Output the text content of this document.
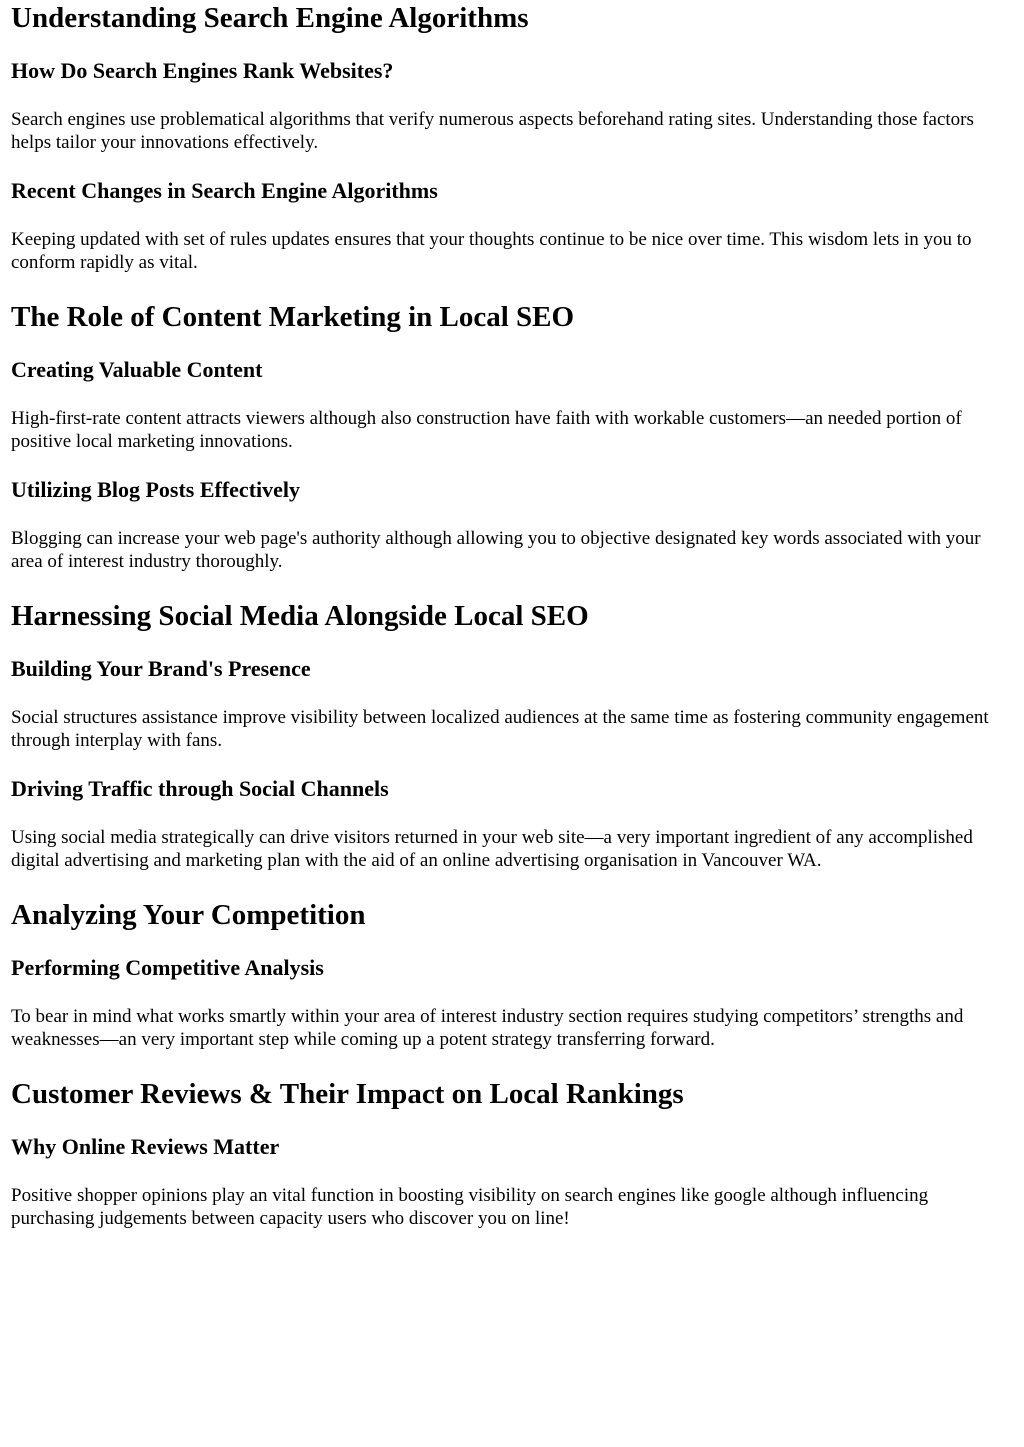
Understanding Search Engine Algorithms
How Do Search Engines Rank Websites?

Search engines use problematical algorithms that verify numerous aspects beforehand rating sites. Understanding those factors helps tailor your innovations effectively.

Recent Changes in Search Engine Algorithms

Keeping updated with set of rules updates ensures that your thoughts continue to be nice over time. This wisdom lets in you to conform rapidly as vital.

The Role of Content Marketing in Local SEO
Creating Valuable Content

High-first-rate content attracts viewers although also construction have faith with workable customers—an needed portion of positive local marketing innovations.

Utilizing Blog Posts Effectively

Blogging can increase your web page's authority although allowing you to objective designated key words associated with your area of interest industry thoroughly.

Harnessing Social Media Alongside Local SEO
Building Your Brand's Presence

Social structures assistance improve visibility between localized audiences at the same time as fostering community engagement through interplay with fans.

Driving Traffic through Social Channels

Using social media strategically can drive visitors returned in your web site—a very important ingredient of any accomplished digital advertising and marketing plan with the aid of an online advertising organisation in Vancouver WA.

Analyzing Your Competition
Performing Competitive Analysis

To bear in mind what works smartly within your area of interest industry section requires studying competitors’ strengths and weaknesses—an very important step while coming up a potent strategy transferring forward.

Customer Reviews & Their Impact on Local Rankings
Why Online Reviews Matter

Positive shopper opinions play an vital function in boosting visibility on search engines like google although influencing purchasing judgements between capacity users who discover you on line!
